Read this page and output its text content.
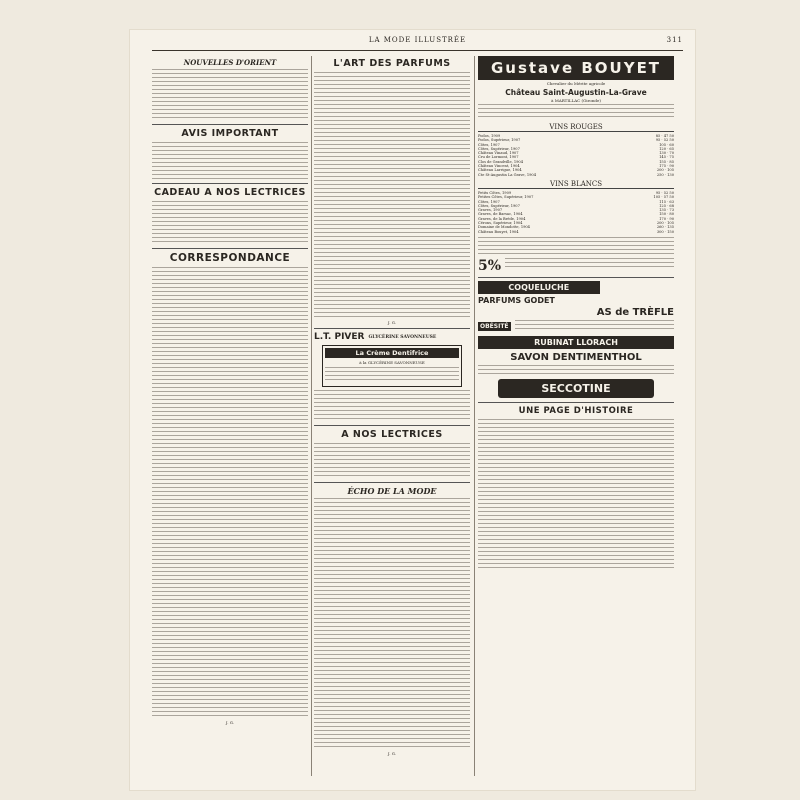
LA MODE ILLUSTRÉE	311
NOUVELLES D'ORIENT
AVIS IMPORTANT
CADEAU A NOS LECTRICES
CORRESPONDANCE
J. G.
L'ART DES PARFUMS
J. G.
L.T. PIVER GLYCÉRINE SAVONNEUSE
La Crème Dentifrice
à la GLYCÉRINE SAVONNEUSE
A NOS LECTRICES
ÉCHO DE LA MODE
J. G.
Gustave BOUYET
Chevalier du Mérite agricole
Château Saint-Augustin-La-Grave
à MARTILLAC (Gironde)
VINS ROUGES
Podos, 1909	85 · 47 50
Podos, Supérieur, 1907	95 · 52 50
Côtes, 1907	105 · 60
Côtes, Supérieur, 1907	120 · 65
Château Vinaud, 1907	130 · 70
Cru de Lormont, 1907	145 · 75
Clos de Grandville, 1904	155 · 85
Château Vincent, 1904	175 · 90
Château Larrigue, 1904	200 · 105
Cte St-Augustin La Grave, 1904	250 · 130
VINS BLANCS
Petits Côtes, 1909	95 · 52 50
Petites Côtes, Supérieur, 1907	105 · 57 50
Côtes, 1907	115 · 63
Côtes, Supérieur, 1907	125 · 68
Graves, 1907	135 · 73
Graves, de Barsac, 1904	150 · 80
Graves, de la Brède, 1904	170 · 90
Cérons, Supérieur, 1904	200 · 105
Domaine de Mondotte, 1904	260 · 135
Château Bouyet, 1904	300 · 150
5%
COQUELUCHE
PARFUMS GODET
AS de TRÈFLE
OBÉSITÉ
RUBINAT LLORACH
SAVON DENTIMENTHOL
SECCOTINE
UNE PAGE D'HISTOIRE
